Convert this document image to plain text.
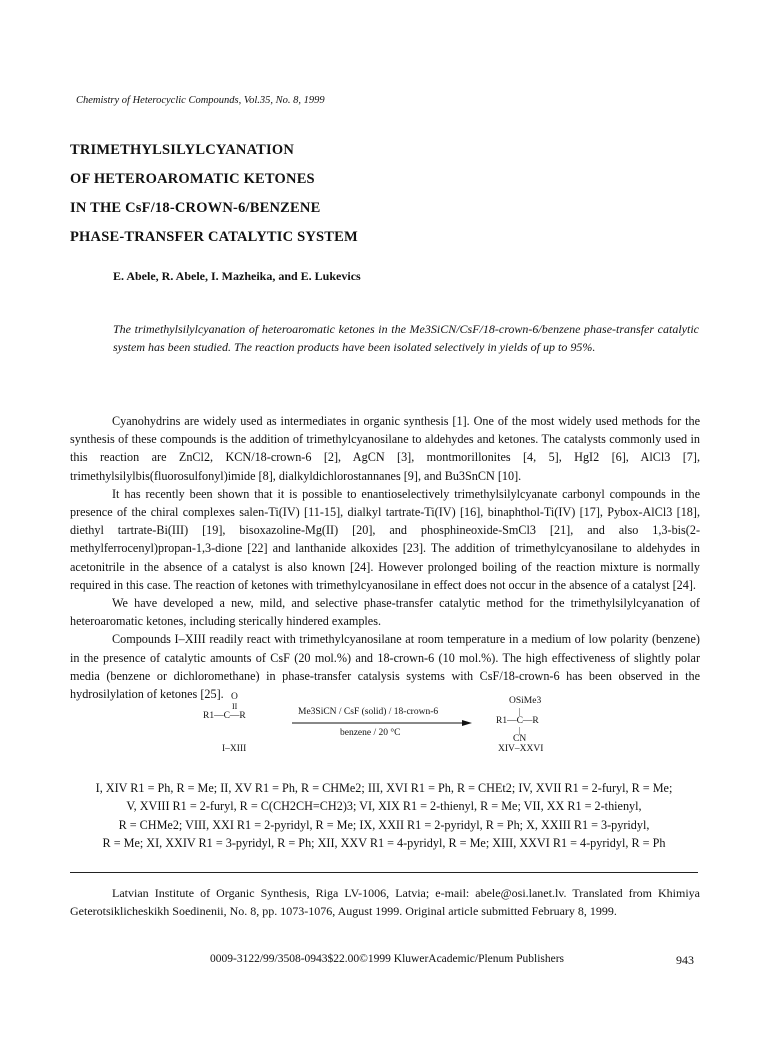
Chemistry of Heterocyclic Compounds, Vol.35, No. 8, 1999
TRIMETHYLSILYLCYANATION
OF HETEROAROMATIC KETONES
IN THE CsF/18-CROWN-6/BENZENE
PHASE-TRANSFER CATALYTIC SYSTEM
E. Abele, R. Abele, I. Mazheika, and E. Lukevics
The trimethylsilylcyanation of heteroaromatic ketones in the Me3SiCN/CsF/18-crown-6/benzene phase-transfer catalytic system has been studied. The reaction products have been isolated selectively in yields of up to 95%.

Cyanohydrins are widely used as intermediates in organic synthesis [1]. One of the most widely used methods for the synthesis of these compounds is the addition of trimethylcyanosilane to aldehydes and ketones. The catalysts commonly used in this reaction are ZnCl2, KCN/18-crown-6 [2], AgCN [3], montmorillonites [4, 5], HgI2 [6], AlCl3 [7], trimethylsilylbis(fluorosulfonyl)imide [8], dialkyldichlorostannanes [9], and Bu3SnCN [10].

It has recently been shown that it is possible to enantioselectively trimethylsilylcyanate carbonyl compounds in the presence of the chiral complexes salen-Ti(IV) [11-15], dialkyl tartrate-Ti(IV) [16], binaphthol-Ti(IV) [17], Pybox-AlCl3 [18], diethyl tartrate-Bi(III) [19], bisoxazoline-Mg(II) [20], and phosphineoxide-SmCl3 [21], and also 1,3-bis(2-methylferrocenyl)propan-1,3-dione [22] and lanthanide alkoxides [23]. The addition of trimethylcyanosilane to aldehydes in acetonitrile in the absence of a catalyst is also known [24]. However prolonged boiling of the reaction mixture is normally required in this case. The reaction of ketones with trimethylcyanosilane in effect does not occur in the absence of a catalyst [24].

We have developed a new, mild, and selective phase-transfer catalytic method for the trimethylsilylcyanation of heteroaromatic ketones, including sterically hindered examples.

Compounds I–XIII readily react with trimethylcyanosilane at room temperature in a medium of low polarity (benzene) in the presence of catalytic amounts of CsF (20 mol.%) and 18-crown-6 (10 mol.%). The high effectiveness of slightly polar media (benzene or dichloromethane) in phase-transfer catalysis systems with CsF/18-crown-6 has been observed in the hydrosilylation of ketones [25]. O
II
R1—C—R
I–XIII
Me3SiCN / CsF (solid) / 18-crown-6
benzene / 20 °C
OSiMe3
|
R1—C—R
|
CN
XIV–XXVI
I, XIV R1 = Ph, R = Me; II, XV R1 = Ph, R = CHMe2; III, XVI R1 = Ph, R = CHEt2; IV, XVII R1 = 2-furyl, R = Me;
V, XVIII R1 = 2-furyl, R = C(CH2CH=CH2)3; VI, XIX R1 = 2-thienyl, R = Me; VII, XX R1 = 2-thienyl,
R = CHMe2; VIII, XXI R1 = 2-pyridyl, R = Me; IX, XXII R1 = 2-pyridyl, R = Ph; X, XXIII R1 = 3-pyridyl,
R = Me; XI, XXIV R1 = 3-pyridyl, R = Ph; XII, XXV R1 = 4-pyridyl, R = Me; XIII, XXVI R1 = 4-pyridyl, R = Ph

Latvian Institute of Organic Synthesis, Riga LV-1006, Latvia; e-mail: abele@osi.lanet.lv. Translated from Khimiya Geterotsiklicheskikh Soedinenii, No. 8, pp. 1073-1076, August 1999. Original article submitted February 8, 1999.

0009-3122/99/3508-0943$22.00©1999 KluwerAcademic/Plenum Publishers	943
